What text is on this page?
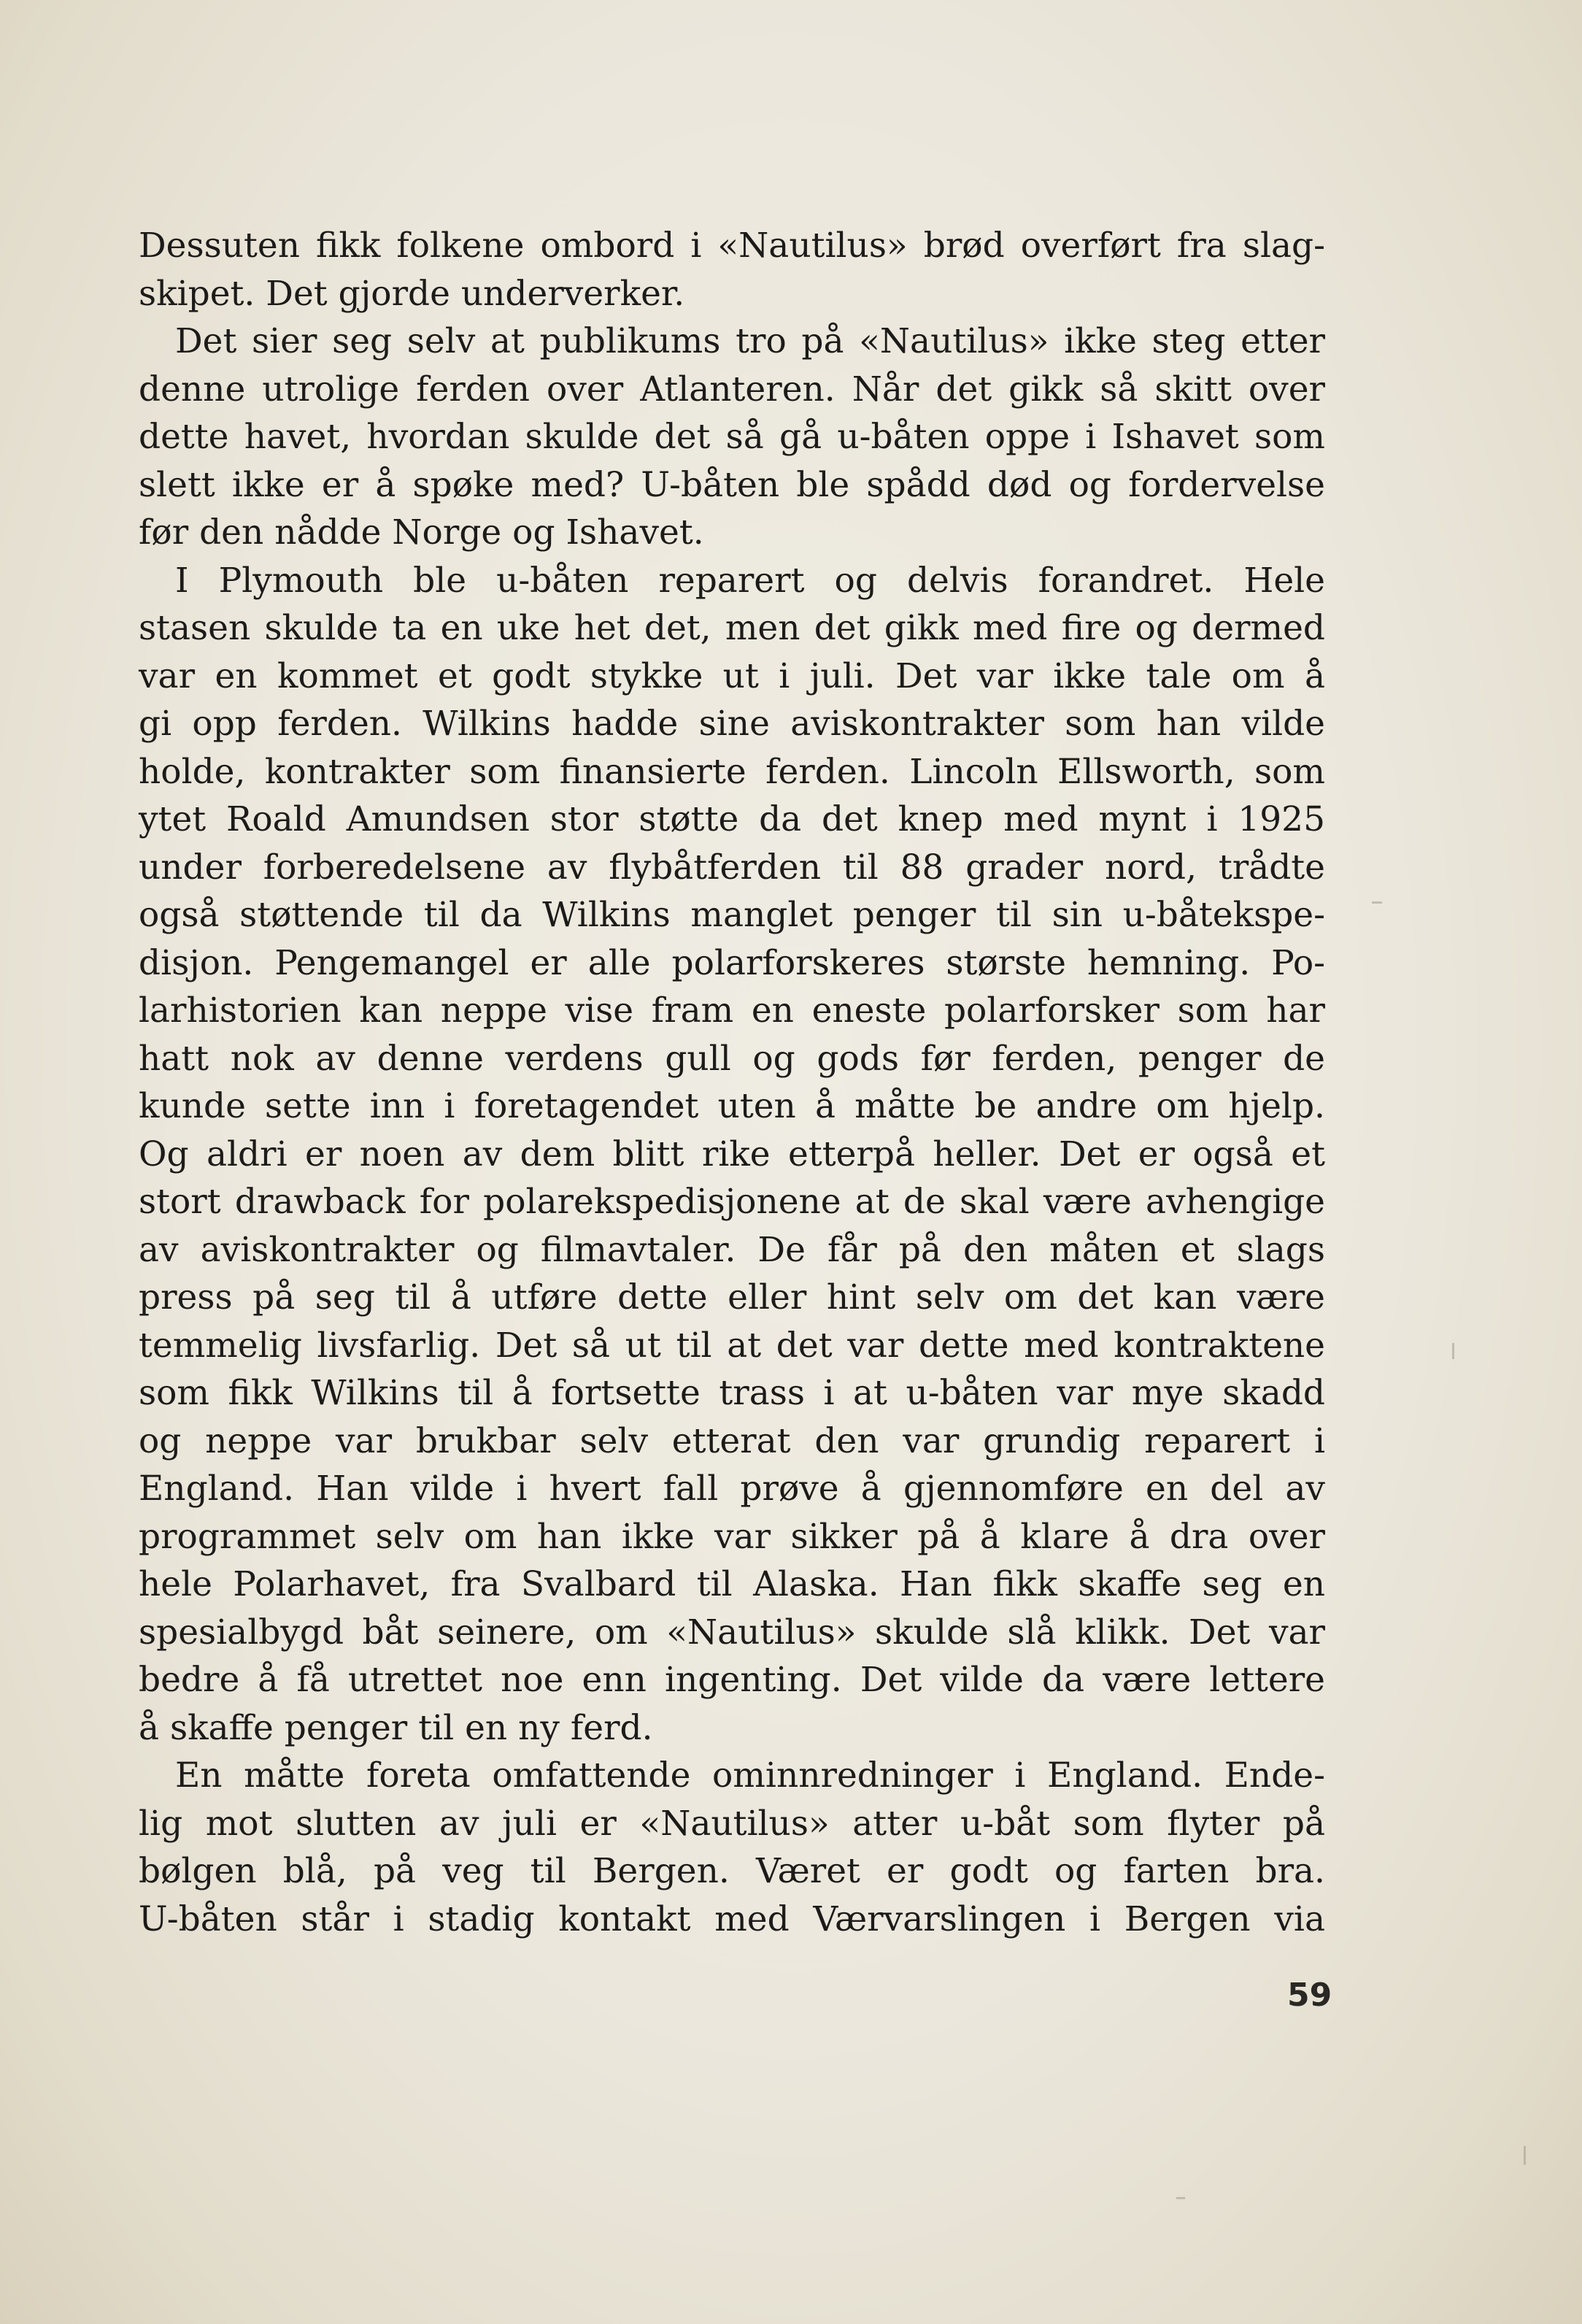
Dessuten fikk folkene ombord i «Nautilus» brød overført fra slag-
skipet. Det gjorde underverker.
Det sier seg selv at publikums tro på «Nautilus» ikke steg etter
denne utrolige ferden over Atlanteren. Når det gikk så skitt over
dette havet, hvordan skulde det så gå u-båten oppe i Ishavet som
slett ikke er å spøke med? U-båten ble spådd død og fordervelse
før den nådde Norge og Ishavet.
I Plymouth ble u-båten reparert og delvis forandret. Hele
stasen skulde ta en uke het det, men det gikk med fire og dermed
var en kommet et godt stykke ut i juli. Det var ikke tale om å
gi opp ferden. Wilkins hadde sine aviskontrakter som han vilde
holde, kontrakter som finansierte ferden. Lincoln Ellsworth, som
ytet Roald Amundsen stor støtte da det knep med mynt i 1925
under forberedelsene av flybåtferden til 88 grader nord, trådte
også støttende til da Wilkins manglet penger til sin u-båtekspe-
disjon. Pengemangel er alle polarforskeres største hemning. Po-
larhistorien kan neppe vise fram en eneste polarforsker som har
hatt nok av denne verdens gull og gods før ferden, penger de
kunde sette inn i foretagendet uten å måtte be andre om hjelp.
Og aldri er noen av dem blitt rike etterpå heller. Det er også et
stort drawback for polarekspedisjonene at de skal være avhengige
av aviskontrakter og filmavtaler. De får på den måten et slags
press på seg til å utføre dette eller hint selv om det kan være
temmelig livsfarlig. Det så ut til at det var dette med kontraktene
som fikk Wilkins til å fortsette trass i at u-båten var mye skadd
og neppe var brukbar selv etterat den var grundig reparert i
England. Han vilde i hvert fall prøve å gjennomføre en del av
programmet selv om han ikke var sikker på å klare å dra over
hele Polarhavet, fra Svalbard til Alaska. Han fikk skaffe seg en
spesialbygd båt seinere, om «Nautilus» skulde slå klikk. Det var
bedre å få utrettet noe enn ingenting. Det vilde da være lettere
å skaffe penger til en ny ferd.
En måtte foreta omfattende ominnredninger i England. Ende-
lig mot slutten av juli er «Nautilus» atter u-båt som flyter på
bølgen blå, på veg til Bergen. Været er godt og farten bra.
U-båten står i stadig kontakt med Værvarslingen i Bergen via
59
